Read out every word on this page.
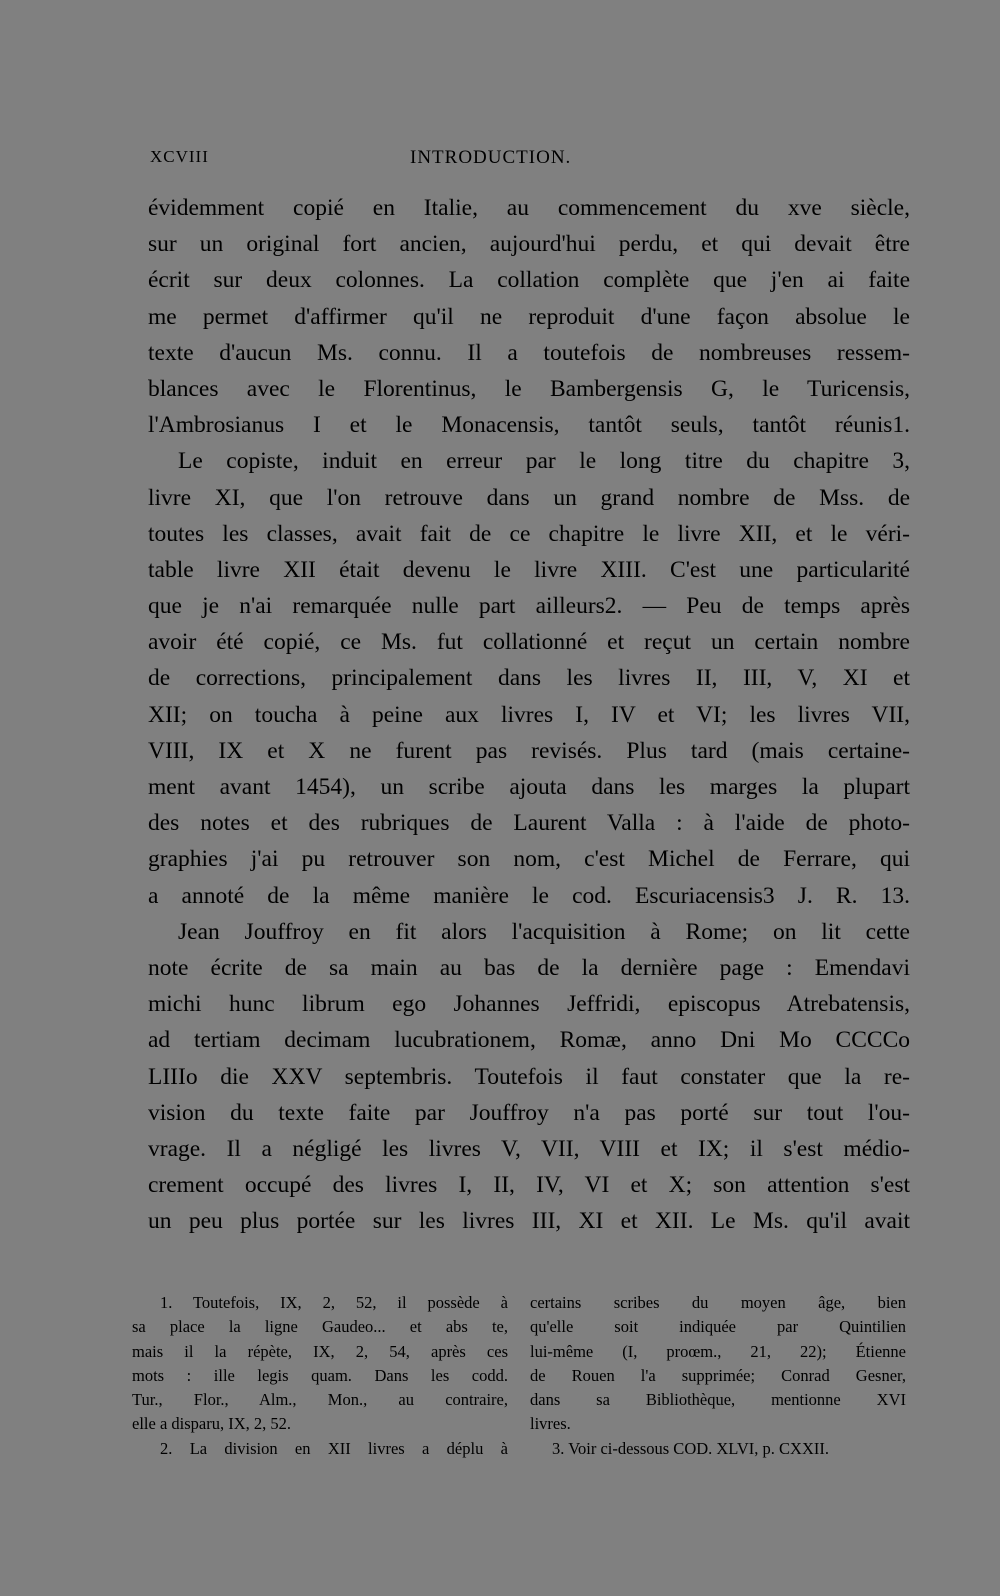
XCVIII	INTRODUCTION.
évidemment copié en Italie, au commencement du xve siècle,
sur un original fort ancien, aujourd'hui perdu, et qui devait être
écrit sur deux colonnes. La collation complète que j'en ai faite
me permet d'affirmer qu'il ne reproduit d'une façon absolue le
texte d'aucun Ms. connu. Il a toutefois de nombreuses ressem-
blances avec le Florentinus, le Bambergensis G, le Turicensis,
l'Ambrosianus I et le Monacensis, tantôt seuls, tantôt réunis1.
Le copiste, induit en erreur par le long titre du chapitre 3,
livre XI, que l'on retrouve dans un grand nombre de Mss. de
toutes les classes, avait fait de ce chapitre le livre XII, et le véri-
table livre XII était devenu le livre XIII. C'est une particularité
que je n'ai remarquée nulle part ailleurs2. — Peu de temps après
avoir été copié, ce Ms. fut collationné et reçut un certain nombre
de corrections, principalement dans les livres II, III, V, XI et
XII; on toucha à peine aux livres I, IV et VI; les livres VII,
VIII, IX et X ne furent pas revisés. Plus tard (mais certaine-
ment avant 1454), un scribe ajouta dans les marges la plupart
des notes et des rubriques de Laurent Valla : à l'aide de photo-
graphies j'ai pu retrouver son nom, c'est Michel de Ferrare, qui
a annoté de la même manière le cod. Escuriacensis3 J. R. 13.
Jean Jouffroy en fit alors l'acquisition à Rome; on lit cette
note écrite de sa main au bas de la dernière page : Emendavi
michi hunc librum ego Johannes Jeffridi, episcopus Atrebatensis,
ad tertiam decimam lucubrationem, Romæ, anno Dni Mo CCCCo
LIIIo die XXV septembris. Toutefois il faut constater que la re-
vision du texte faite par Jouffroy n'a pas porté sur tout l'ou-
vrage. Il a négligé les livres V, VII, VIII et IX; il s'est médio-
crement occupé des livres I, II, IV, VI et X; son attention s'est
un peu plus portée sur les livres III, XI et XII. Le Ms. qu'il avait
1. Toutefois, IX, 2, 52, il possède à
sa place la ligne Gaudeo... et abs te,
mais il la répète, IX, 2, 54, après ces
mots : ille legis quam. Dans les codd.
Tur., Flor., Alm., Mon., au contraire,
elle a disparu, IX, 2, 52.
2. La division en XII livres a déplu à
certains scribes du moyen âge, bien
qu'elle soit indiquée par Quintilien
lui-même (I, proœm., 21, 22); Étienne
de Rouen l'a supprimée; Conrad Gesner,
dans sa Bibliothèque, mentionne XVI
livres.
3. Voir ci-dessous COD. XLVI, p. CXXII.
